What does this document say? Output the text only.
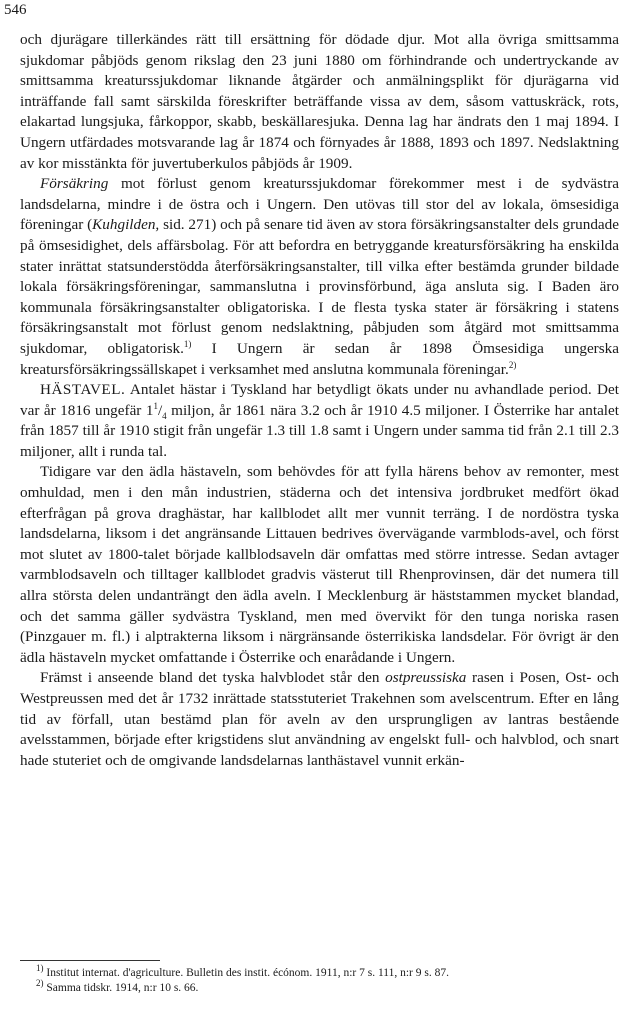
546

och djurägare tillerkändes rätt till ersättning för dödade djur. Mot alla övriga smittsamma sjukdomar påbjöds genom rikslag den 23 juni 1880 om förhindrande och undertryckande av smittsamma kreaturssjukdomar liknande åtgärder och anmälningsplikt för djurägarna vid inträffande fall samt särskilda föreskrifter beträffande vissa av dem, såsom vattuskräck, rots, elakartad lungsjuka, fårkoppor, skabb, beskällaresjuka. Denna lag har ändrats den 1 maj 1894. I Ungern utfärdades motsvarande lag år 1874 och förnyades år 1888, 1893 och 1897. Nedslaktning av kor misstänkta för juvertuberkulos påbjöds år 1909.

Försäkring mot förlust genom kreaturssjukdomar förekommer mest i de sydvästra landsdelarna, mindre i de östra och i Ungern. Den utövas till stor del av lokala, ömsesidiga föreningar (Kuhgilden, sid. 271) och på senare tid även av stora försäkringsanstalter dels grundade på ömsesidighet, dels affärsbolag. För att befordra en betryggande kreatursförsäkring ha enskilda stater inrättat statsunderstödda återförsäkringsanstalter, till vilka efter bestämda grunder bildade lokala försäkringsföreningar, sammanslutna i provinsförbund, äga ansluta sig. I Baden äro kommunala försäkringsanstalter obligatoriska. I de flesta tyska stater är försäkring i statens försäkringsanstalt mot förlust genom nedslaktning, påbjuden som åtgärd mot smittsamma sjukdomar, obligatorisk.$^{1)}$ I Ungern är sedan år 1898 Ömsesidiga ungerska kreatursförsäkringssällskapet i verksamhet med anslutna kommunala föreningar.$^{2)}$

HÄSTAVEL. Antalet hästar i Tyskland har betydligt ökats under nu avhandlade period. Det var år 1816 ungefär $1^1/_4$ miljon, år 1861 nära 3.2 och år 1910 4.5 miljoner. I Österrike har antalet från 1857 till år 1910 stigit från ungefär 1.3 till 1.8 samt i Ungern under samma tid från 2.1 till 2.3 miljoner, allt i runda tal.

Tidigare var den ädla hästaveln, som behövdes för att fylla härens behov av remonter, mest omhuldad, men i den mån industrien, städerna och det intensiva jordbruket medfört ökad efterfrågan på grova draghästar, har kallblodet allt mer vunnit terräng. I de nordöstra tyska landsdelarna, liksom i det angränsande Littauen bedrives övervägande varmblods-avel, och först mot slutet av 1800-talet började kallblodsaveln där omfattas med större intresse. Sedan avtager varmblodsaveln och tilltager kallblodet gradvis västerut till Rhenprovinsen, där det numera till allra största delen undanträngt den ädla aveln. I Mecklenburg är häststammen mycket blandad, och det samma gäller sydvästra Tyskland, men med övervikt för den tunga noriska rasen (Pinzgauer m. fl.) i alptrakterna liksom i närgränsande österrikiska landsdelar. För övrigt är den ädla hästaveln mycket omfattande i Österrike och enarådande i Ungern.

Främst i anseende bland det tyska halvblodet står den ostpreussiska rasen i Posen, Ost- och Westpreussen med det år 1732 inrättade statsstuteriet Trakehnen som avelscentrum. Efter en lång tid av förfall, utan bestämd plan för aveln av den ursprungligen av lantras bestående avelsstammen, började efter krigstidens slut användning av engelskt full- och halvblod, och snart hade stuteriet och de omgivande landsdelarnas lanthästavel vunnit erkän-

$^{1)}$ Institut internat. d'agriculture. Bulletin des instit. écónom. 1911, n:r 7 s. 111, n:r 9 s. 87.

$^{2)}$ Samma tidskr. 1914, n:r 10 s. 66.
